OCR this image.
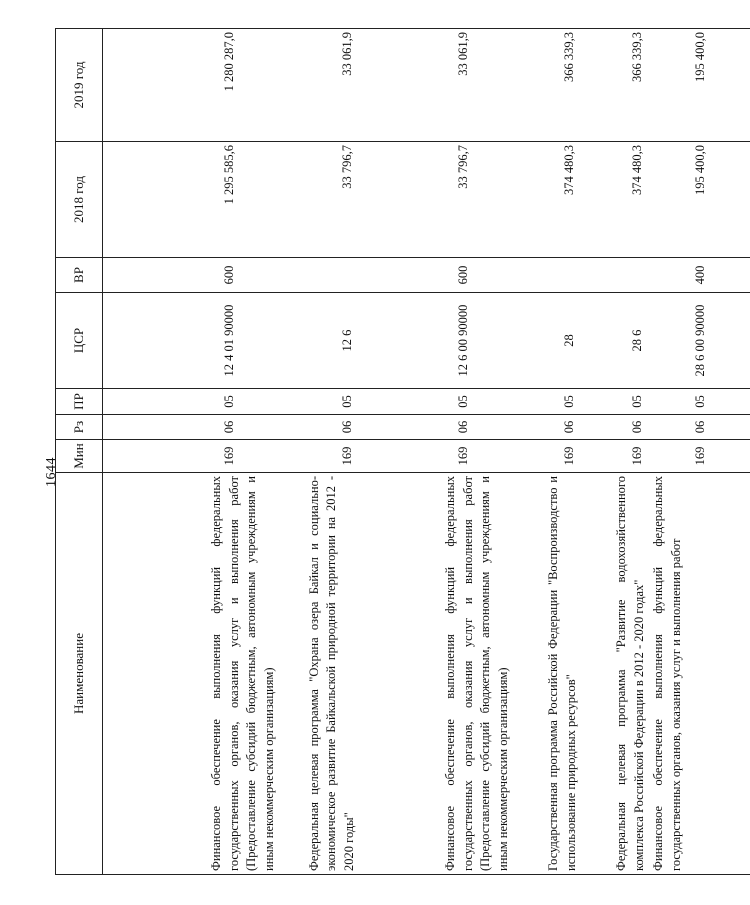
1644
Наименование	Мин	Рз	ПР	ЦСР	ВР	2018 год	2019 год
Финансовое обеспечение выполнения функций федеральных государственных органов, оказания услуг и выполнения работ (Предоставление субсидий бюджетным, автономным учреждениям и иным некоммерческим организациям)	169	06	05	12 4 01 90000	600	1 295 585,6	1 280 287,0
Федеральная целевая программа "Охрана озера Байкал и социально-экономическое развитие Байкальской природной территории на 2012 - 2020 годы"	169	06	05	12 6		33 796,7	33 061,9
Финансовое обеспечение выполнения функций федеральных государственных органов, оказания услуг и выполнения работ (Предоставление субсидий бюджетным, автономным учреждениям и иным некоммерческим организациям)	169	06	05	12 6 00 90000	600	33 796,7	33 061,9
Государственная программа Российской Федерации "Воспроизводство и использование природных ресурсов"	169	06	05	28		374 480,3	366 339,3
Федеральная целевая программа "Развитие водохозяйственного комплекса Российской Федерации в 2012 - 2020 годах"	169	06	05	28 6		374 480,3	366 339,3
Финансовое обеспечение выполнения функций федеральных государственных органов, оказания услуг и выполнения работ	169	06	05	28 6 00 90000	400	195 400,0	195 400,0
